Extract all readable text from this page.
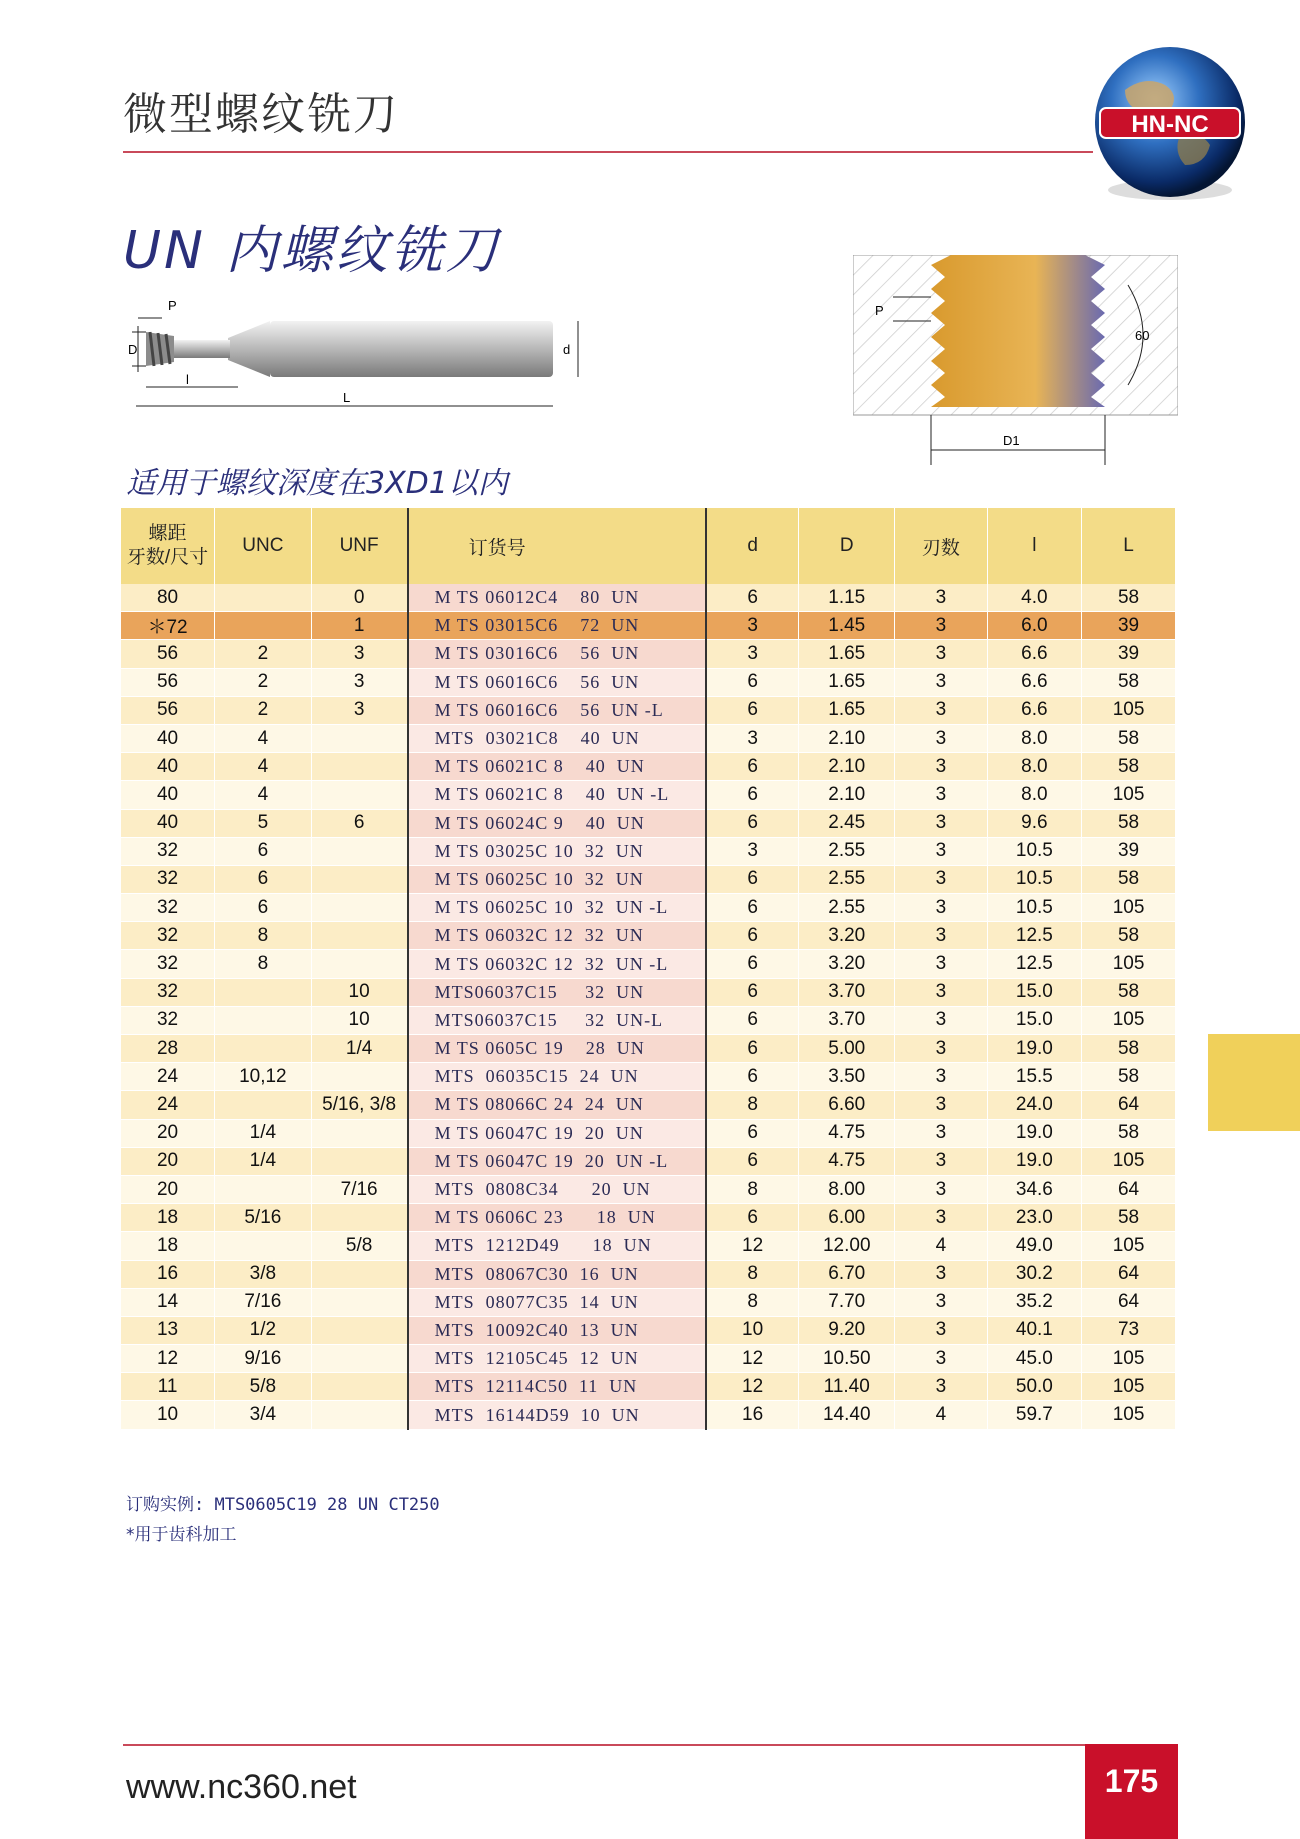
微型螺纹铣刀	HN-NC
UN 内螺纹铣刀
D
P
d
l
L
P
60
D1
适用于螺纹深度在3XD1以内
螺距
牙数/尺寸	UNC	UNF	订货号	d	D	刃数	l	L
80		0	M TS 06012C4    80  UN	6	1.15	3	4.0	58
＊72		1	M TS 03015C6    72  UN	3	1.45	3	6.0	39
56	2	3	M TS 03016C6    56  UN	3	1.65	3	6.6	39
56	2	3	M TS 06016C6    56  UN	6	1.65	3	6.6	58
56	2	3	M TS 06016C6    56  UN -L	6	1.65	3	6.6	105
40	4		MTS  03021C8    40  UN	3	2.10	3	8.0	58
40	4		M TS 06021C 8    40  UN	6	2.10	3	8.0	58
40	4		M TS 06021C 8    40  UN -L	6	2.10	3	8.0	105
40	5	6	M TS 06024C 9    40  UN	6	2.45	3	9.6	58
32	6		M TS 03025C 10  32  UN	3	2.55	3	10.5	39
32	6		M TS 06025C 10  32  UN	6	2.55	3	10.5	58
32	6		M TS 06025C 10  32  UN -L	6	2.55	3	10.5	105
32	8		M TS 06032C 12  32  UN	6	3.20	3	12.5	58
32	8		M TS 06032C 12  32  UN -L	6	3.20	3	12.5	105
32		10	MTS06037C15     32  UN	6	3.70	3	15.0	58
32		10	MTS06037C15     32  UN-L	6	3.70	3	15.0	105
28		1/4	M TS 0605C 19    28  UN	6	5.00	3	19.0	58
24	10,12		MTS  06035C15  24  UN	6	3.50	3	15.5	58
24		5/16, 3/8	M TS 08066C 24  24  UN	8	6.60	3	24.0	64
20	1/4		M TS 06047C 19  20  UN	6	4.75	3	19.0	58
20	1/4		M TS 06047C 19  20  UN -L	6	4.75	3	19.0	105
20		7/16	MTS  0808C34      20  UN	8	8.00	3	34.6	64
18	5/16		M TS 0606C 23      18  UN	6	6.00	3	23.0	58
18		5/8	MTS  1212D49      18  UN	12	12.00	4	49.0	105
16	3/8		MTS  08067C30  16  UN	8	6.70	3	30.2	64
14	7/16		MTS  08077C35  14  UN	8	7.70	3	35.2	64
13	1/2		MTS  10092C40  13  UN	10	9.20	3	40.1	73
12	9/16		MTS  12105C45  12  UN	12	10.50	3	45.0	105
11	5/8		MTS  12114C50  11  UN	12	11.40	3	50.0	105
10	3/4		MTS  16144D59  10  UN	16	14.40	4	59.7	105
订购实例: MTS0605C19 28 UN CT250
*用于齿科加工
www.nc360.net	175
